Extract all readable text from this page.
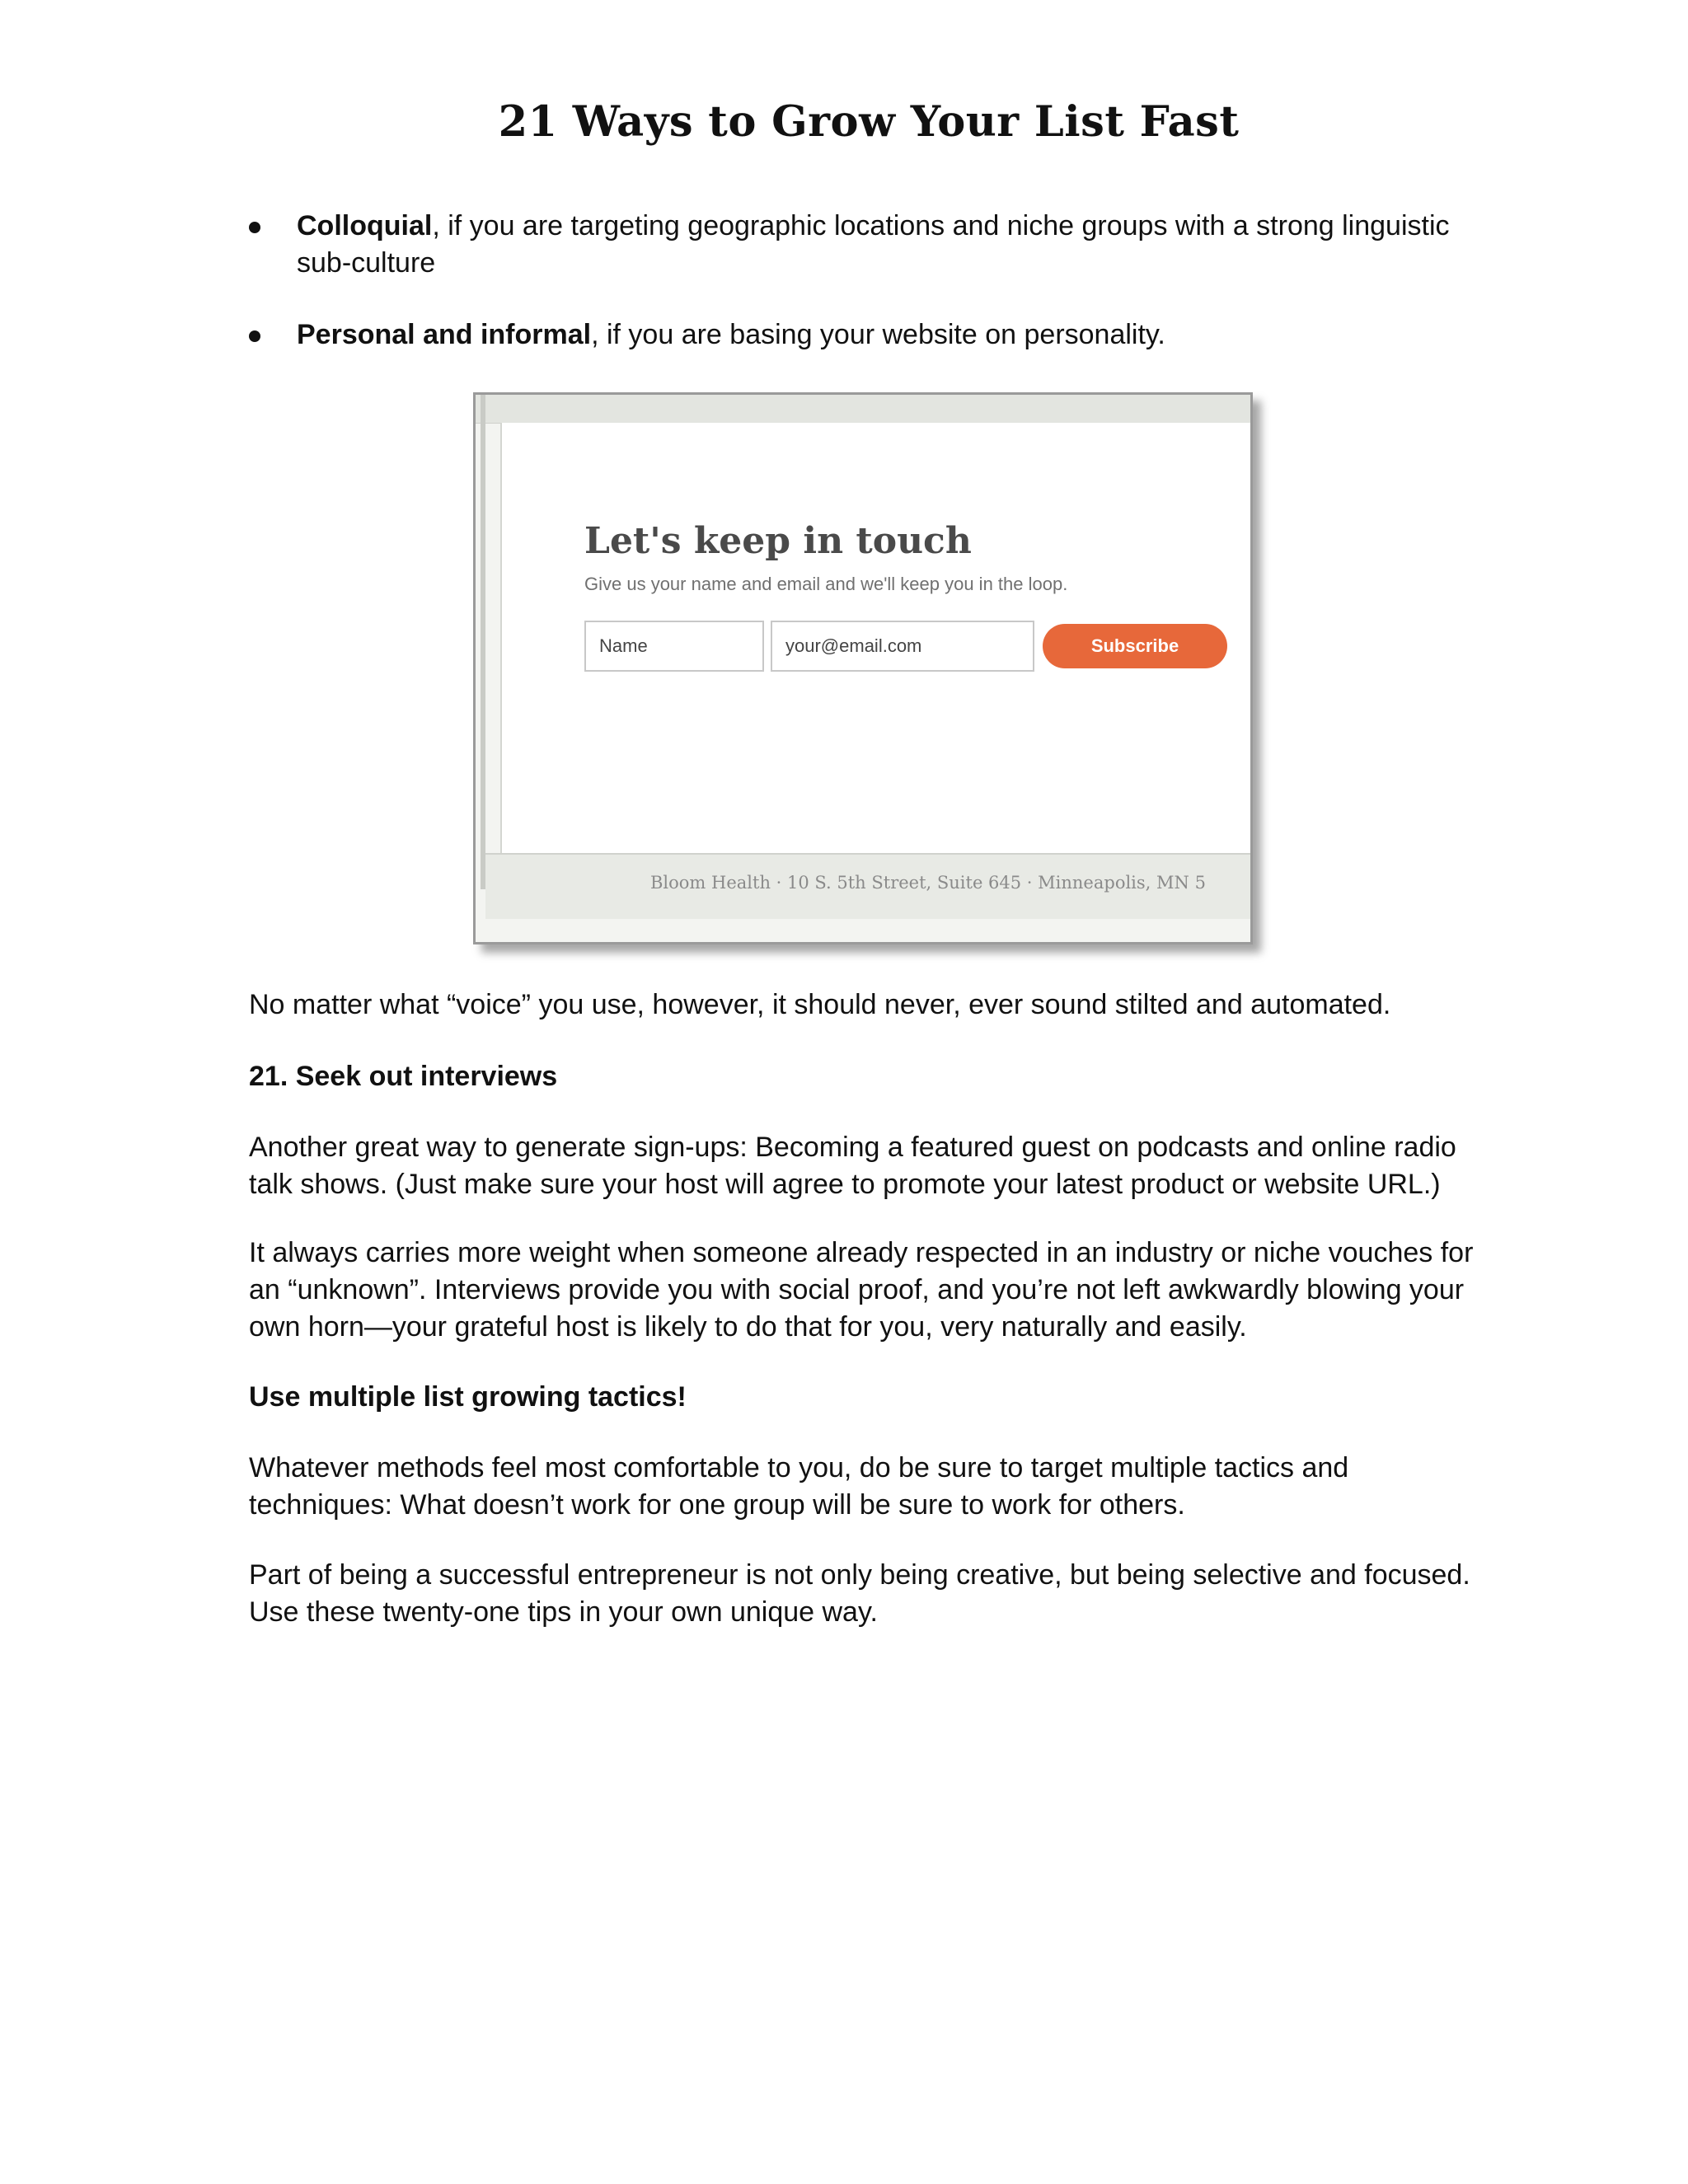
21 Ways to Grow Your List Fast
Colloquial, if you are targeting geographic locations and niche groups with a strong linguistic sub-culture
Personal and informal, if you are basing your website on personality.
Let's keep in touch
Give us your name and email and we'll keep you in the loop.
Name
your@email.com
Subscribe
Bloom Health · 10 S. 5th Street, Suite 645 · Minneapolis, MN 5

No matter what “voice” you use, however, it should never, ever sound stilted and automated.

21. Seek out interviews

Another great way to generate sign-ups: Becoming a featured guest on podcasts and online radio talk shows. (Just make sure your host will agree to promote your latest product or website URL.)

It always carries more weight when someone already respected in an industry or niche vouches for an “unknown”. Interviews provide you with social proof, and you’re not left awkwardly blowing your own horn—your grateful host is likely to do that for you, very naturally and easily.

Use multiple list growing tactics!

Whatever methods feel most comfortable to you, do be sure to target multiple tactics and techniques: What doesn’t work for one group will be sure to work for others.

Part of being a successful entrepreneur is not only being creative, but being selective and focused. Use these twenty-one tips in your own unique way.
